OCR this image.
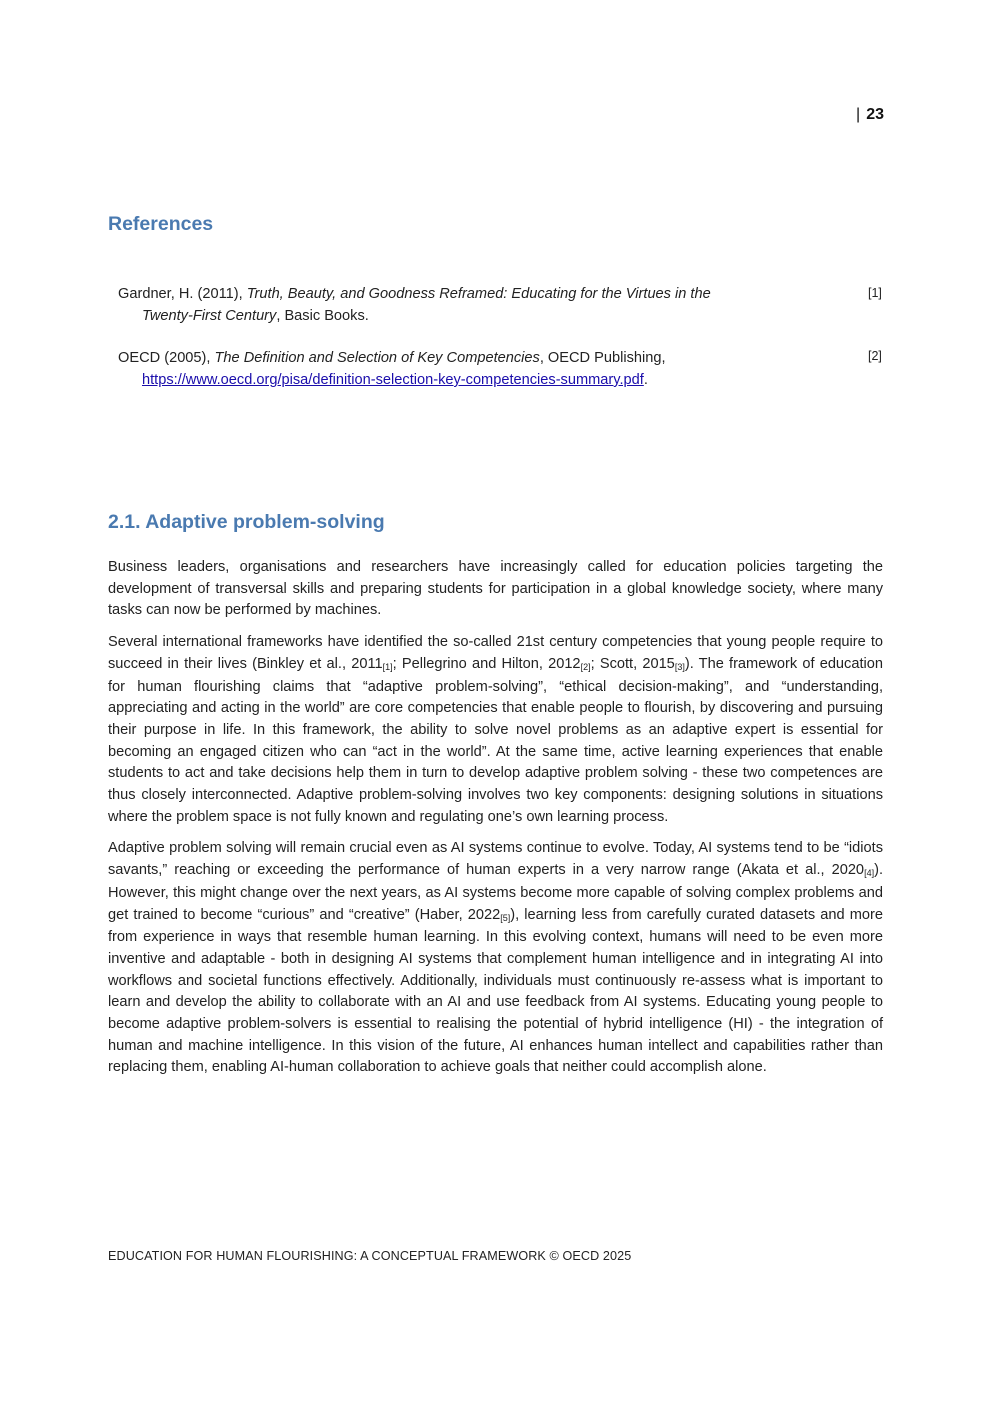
| 23
References
Gardner, H. (2011), Truth, Beauty, and Goodness Reframed: Educating for the Virtues in the
Twenty-First Century, Basic Books.
[1]
OECD (2005), The Definition and Selection of Key Competencies, OECD Publishing,
https://www.oecd.org/pisa/definition-selection-key-competencies-summary.pdf.
[2]
2.1. Adaptive problem-solving

Business leaders, organisations and researchers have increasingly called for education policies targeting the development of transversal skills and preparing students for participation in a global knowledge society, where many tasks can now be performed by machines.

Several international frameworks have identified the so-called 21st century competencies that young people require to succeed in their lives (Binkley et al., 2011[1]; Pellegrino and Hilton, 2012[2]; Scott, 2015[3]). The framework of education for human flourishing claims that “adaptive problem-solving”, “ethical decision-making”, and “understanding, appreciating and acting in the world” are core competencies that enable people to flourish, by discovering and pursuing their purpose in life. In this framework, the ability to solve novel problems as an adaptive expert is essential for becoming an engaged citizen who can “act in the world”. At the same time, active learning experiences that enable students to act and take decisions help them in turn to develop adaptive problem solving - these two competences are thus closely interconnected. Adaptive problem-solving involves two key components: designing solutions in situations where the problem space is not fully known and regulating one’s own learning process.

Adaptive problem solving will remain crucial even as AI systems continue to evolve. Today, AI systems tend to be “idiots savants,” reaching or exceeding the performance of human experts in a very narrow range (Akata et al., 2020[4]). However, this might change over the next years, as AI systems become more capable of solving complex problems and get trained to become “curious” and “creative” (Haber, 2022[5]), learning less from carefully curated datasets and more from experience in ways that resemble human learning. In this evolving context, humans will need to be even more inventive and adaptable - both in designing AI systems that complement human intelligence and in integrating AI into workflows and societal functions effectively. Additionally, individuals must continuously re-assess what is important to learn and develop the ability to collaborate with an AI and use feedback from AI systems. Educating young people to become adaptive problem-solvers is essential to realising the potential of hybrid intelligence (HI) - the integration of human and machine intelligence. In this vision of the future, AI enhances human intellect and capabilities rather than replacing them, enabling AI-human collaboration to achieve goals that neither could accomplish alone.

EDUCATION FOR HUMAN FLOURISHING: A CONCEPTUAL FRAMEWORK © OECD 2025
